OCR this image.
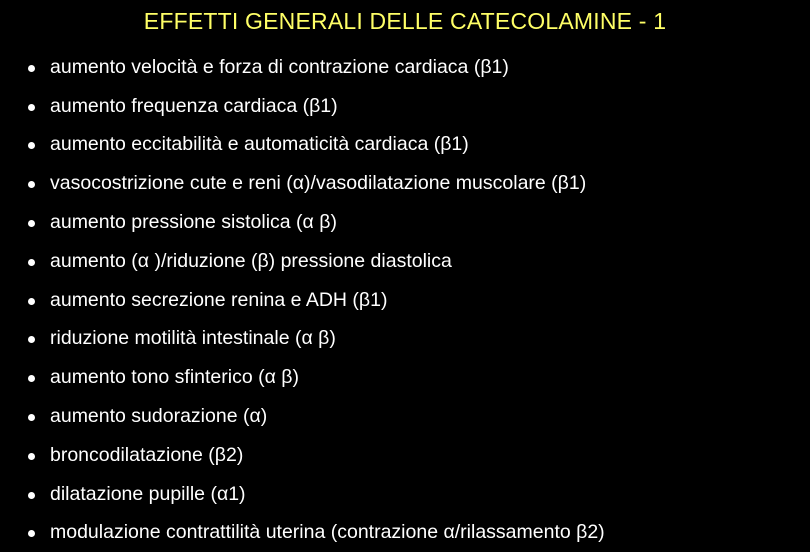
EFFETTI GENERALI DELLE CATECOLAMINE - 1
aumento velocità e forza di contrazione cardiaca (β1)
aumento frequenza cardiaca (β1)
aumento eccitabilità e automaticità cardiaca (β1)
vasocostrizione cute e reni (α)/vasodilatazione muscolare (β1)
aumento pressione sistolica (α β)
aumento (α )/riduzione (β) pressione diastolica
aumento secrezione renina e ADH (β1)
riduzione motilità intestinale (α β)
aumento tono sfinterico (α β)
aumento sudorazione (α)
broncodilatazione (β2)
dilatazione pupille (α1)
modulazione contrattilità uterina (contrazione α/rilassamento β2)
